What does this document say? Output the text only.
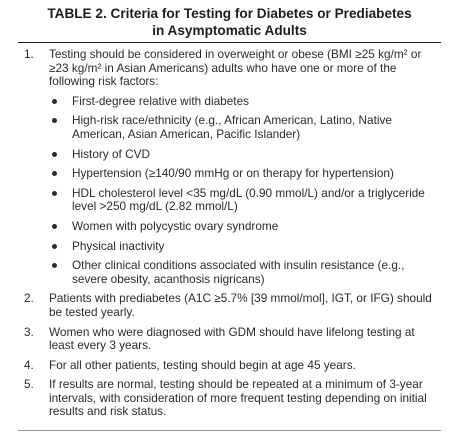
TABLE 2. Criteria for Testing for Diabetes or Prediabetes
in Asymptomatic Adults
1. Testing should be considered in overweight or obese (BMI ≥25 kg/m² or ≥23 kg/m² in Asian Americans) adults who have one or more of the following risk factors:
First-degree relative with diabetes
High-risk race/ethnicity (e.g., African American, Latino, Native American, Asian American, Pacific Islander)
History of CVD
Hypertension (≥140/90 mmHg or on therapy for hypertension)
HDL cholesterol level <35 mg/dL (0.90 mmol/L) and/or a triglyceride level >250 mg/dL (2.82 mmol/L)
Women with polycystic ovary syndrome
Physical inactivity
Other clinical conditions associated with insulin resistance (e.g., severe obesity, acanthosis nigricans)
2. Patients with prediabetes (A1C ≥5.7% [39 mmol/mol], IGT, or IFG) should be tested yearly.
3. Women who were diagnosed with GDM should have lifelong testing at least every 3 years.
4. For all other patients, testing should begin at age 45 years.
5. If results are normal, testing should be repeated at a minimum of 3-year intervals, with consideration of more frequent testing depending on initial results and risk status.
